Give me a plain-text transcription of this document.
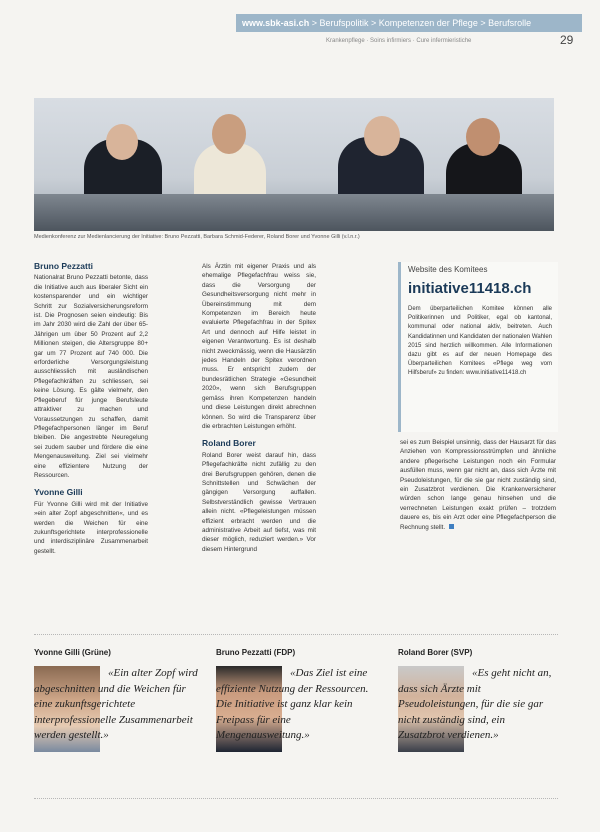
www.sbk-asi.ch > Berufspolitik > Kompetenzen der Pflege > Berufsrolle
Krankenpflege · Soins infirmiers · Cure infermieristiche	29
Medienkonferenz zur Medienlancierung der Initiative: Bruno Pezzatti, Barbara Schmid-Federer, Roland Borer und Yvonne Gilli (v.l.n.r.)
Bruno Pezzatti

Nationalrat Bruno Pezzatti betonte, dass die Initiative auch aus liberaler Sicht ein kostensparender und ein wichtiger Schritt zur Sozialversicherungsreform ist. Die Prognosen seien eindeutig: Bis im Jahr 2030 wird die Zahl der über 65-Jährigen um über 50 Prozent auf 2,2 Millionen steigen, die Altersgruppe 80+ gar um 77 Prozent auf 740 000. Die erforderliche Versorgungsleistung ausschliesslich mit ausländischen Pflegefachkräften zu schliessen, sei keine Lösung. Es gälte vielmehr, den Pflegeberuf für junge Berufsleute attraktiver zu machen und Voraussetzungen zu schaffen, damit Pflegefachpersonen länger im Beruf bleiben. Die angestrebte Neuregelung sei zudem sauber und fördere die eine Mengenausweitung. Ziel sei vielmehr eine effizientere Nutzung der Ressourcen.

Yvonne Gilli

Für Yvonne Gilli wird mit der Initiative »ein alter Zopf abgeschnitten«, und es werden die Weichen für eine zukunftsgerichtete interprofessionelle und interdisziplinäre Zusammenarbeit gestellt.

Als Ärztin mit eigener Praxis und als ehemalige Pflegefachfrau weiss sie, dass die Versorgung der Gesundheitsversorgung nicht mehr in Übereinstimmung mit dem Kompetenzen im Bereich heute evaluierte Pflegefachfrau in der Spitex Art und dennoch auf Hilfe leistet in eigenen Verantwortung. Es ist deshalb nicht zweckmässig, wenn die Hausärztin jedes Handeln der Spitex verordnen muss. Er entspricht zudem der bundesrätlichen Strategie «Gesundheit 2020», wenn sich Berufsgruppen gemäss ihren Kompetenzen handeln und diese Leistungen direkt abrechnen können. So wird die Transparenz über die erbrachten Leistungen erhöht.

Roland Borer

Roland Borer weist darauf hin, dass Pflegefachkräfte nicht zufällig zu den drei Berufsgruppen gehören, denen die Schnittstellen und Schwächen der gängigen Versorgung auffallen. Selbstverständlich gewisse Vertrauen allein nicht. «Pflegeleistungen müssen effizient erbracht werden und die administrative Arbeit auf tiefst, was mit dieser möglich, reduziert werden.» Vor diesem Hintergrund

Website des Komitees
initiative11418.ch
Dem überparteilichen Komitee können alle Politikerinnen und Politiker, egal ob kantonal, kommunal oder national aktiv, beitreten. Auch Kandidatinnen und Kandidaten der nationalen Wahlen 2015 sind herzlich willkommen. Alle Informationen dazu gibt es auf der neuen Homepage des Überparteilichen Komitees «Pflege weg vom Hilfsberuf» zu finden: www.initiative11418.ch

sei es zum Beispiel unsinnig, dass der Hausarzt für das Anziehen von Kompressionsstrümpfen und ähnliche andere pflegerische Leistungen noch ein Formular ausfüllen muss, wenn gar nicht an, dass sich Ärzte mit Pseudoleistungen, für die sie gar nicht zuständig sind, ein Zusatzbrot verdienen. Die Krankenversicherer würden schon lange genau hinsehen und die verrechneten Leistungen exakt prüfen – trotzdem dauere es, bis ein Arzt oder eine Pflegefachperson die Rechnung stellt.

Yvonne Gilli (Grüne)
«Ein alter Zopf wird abgeschnitten und die Weichen für eine zukunftsgerichtete interprofessionelle Zusammenarbeit werden gestellt.»
Bruno Pezzatti (FDP)
«Das Ziel ist eine effiziente Nutzung der Ressourcen. Die Initiative ist ganz klar kein Freipass für eine Mengenausweitung.»
Roland Borer (SVP)
«Es geht nicht an, dass sich Ärzte mit Pseudoleistungen, für die sie gar nicht zuständig sind, ein Zusatzbrot verdienen.»
